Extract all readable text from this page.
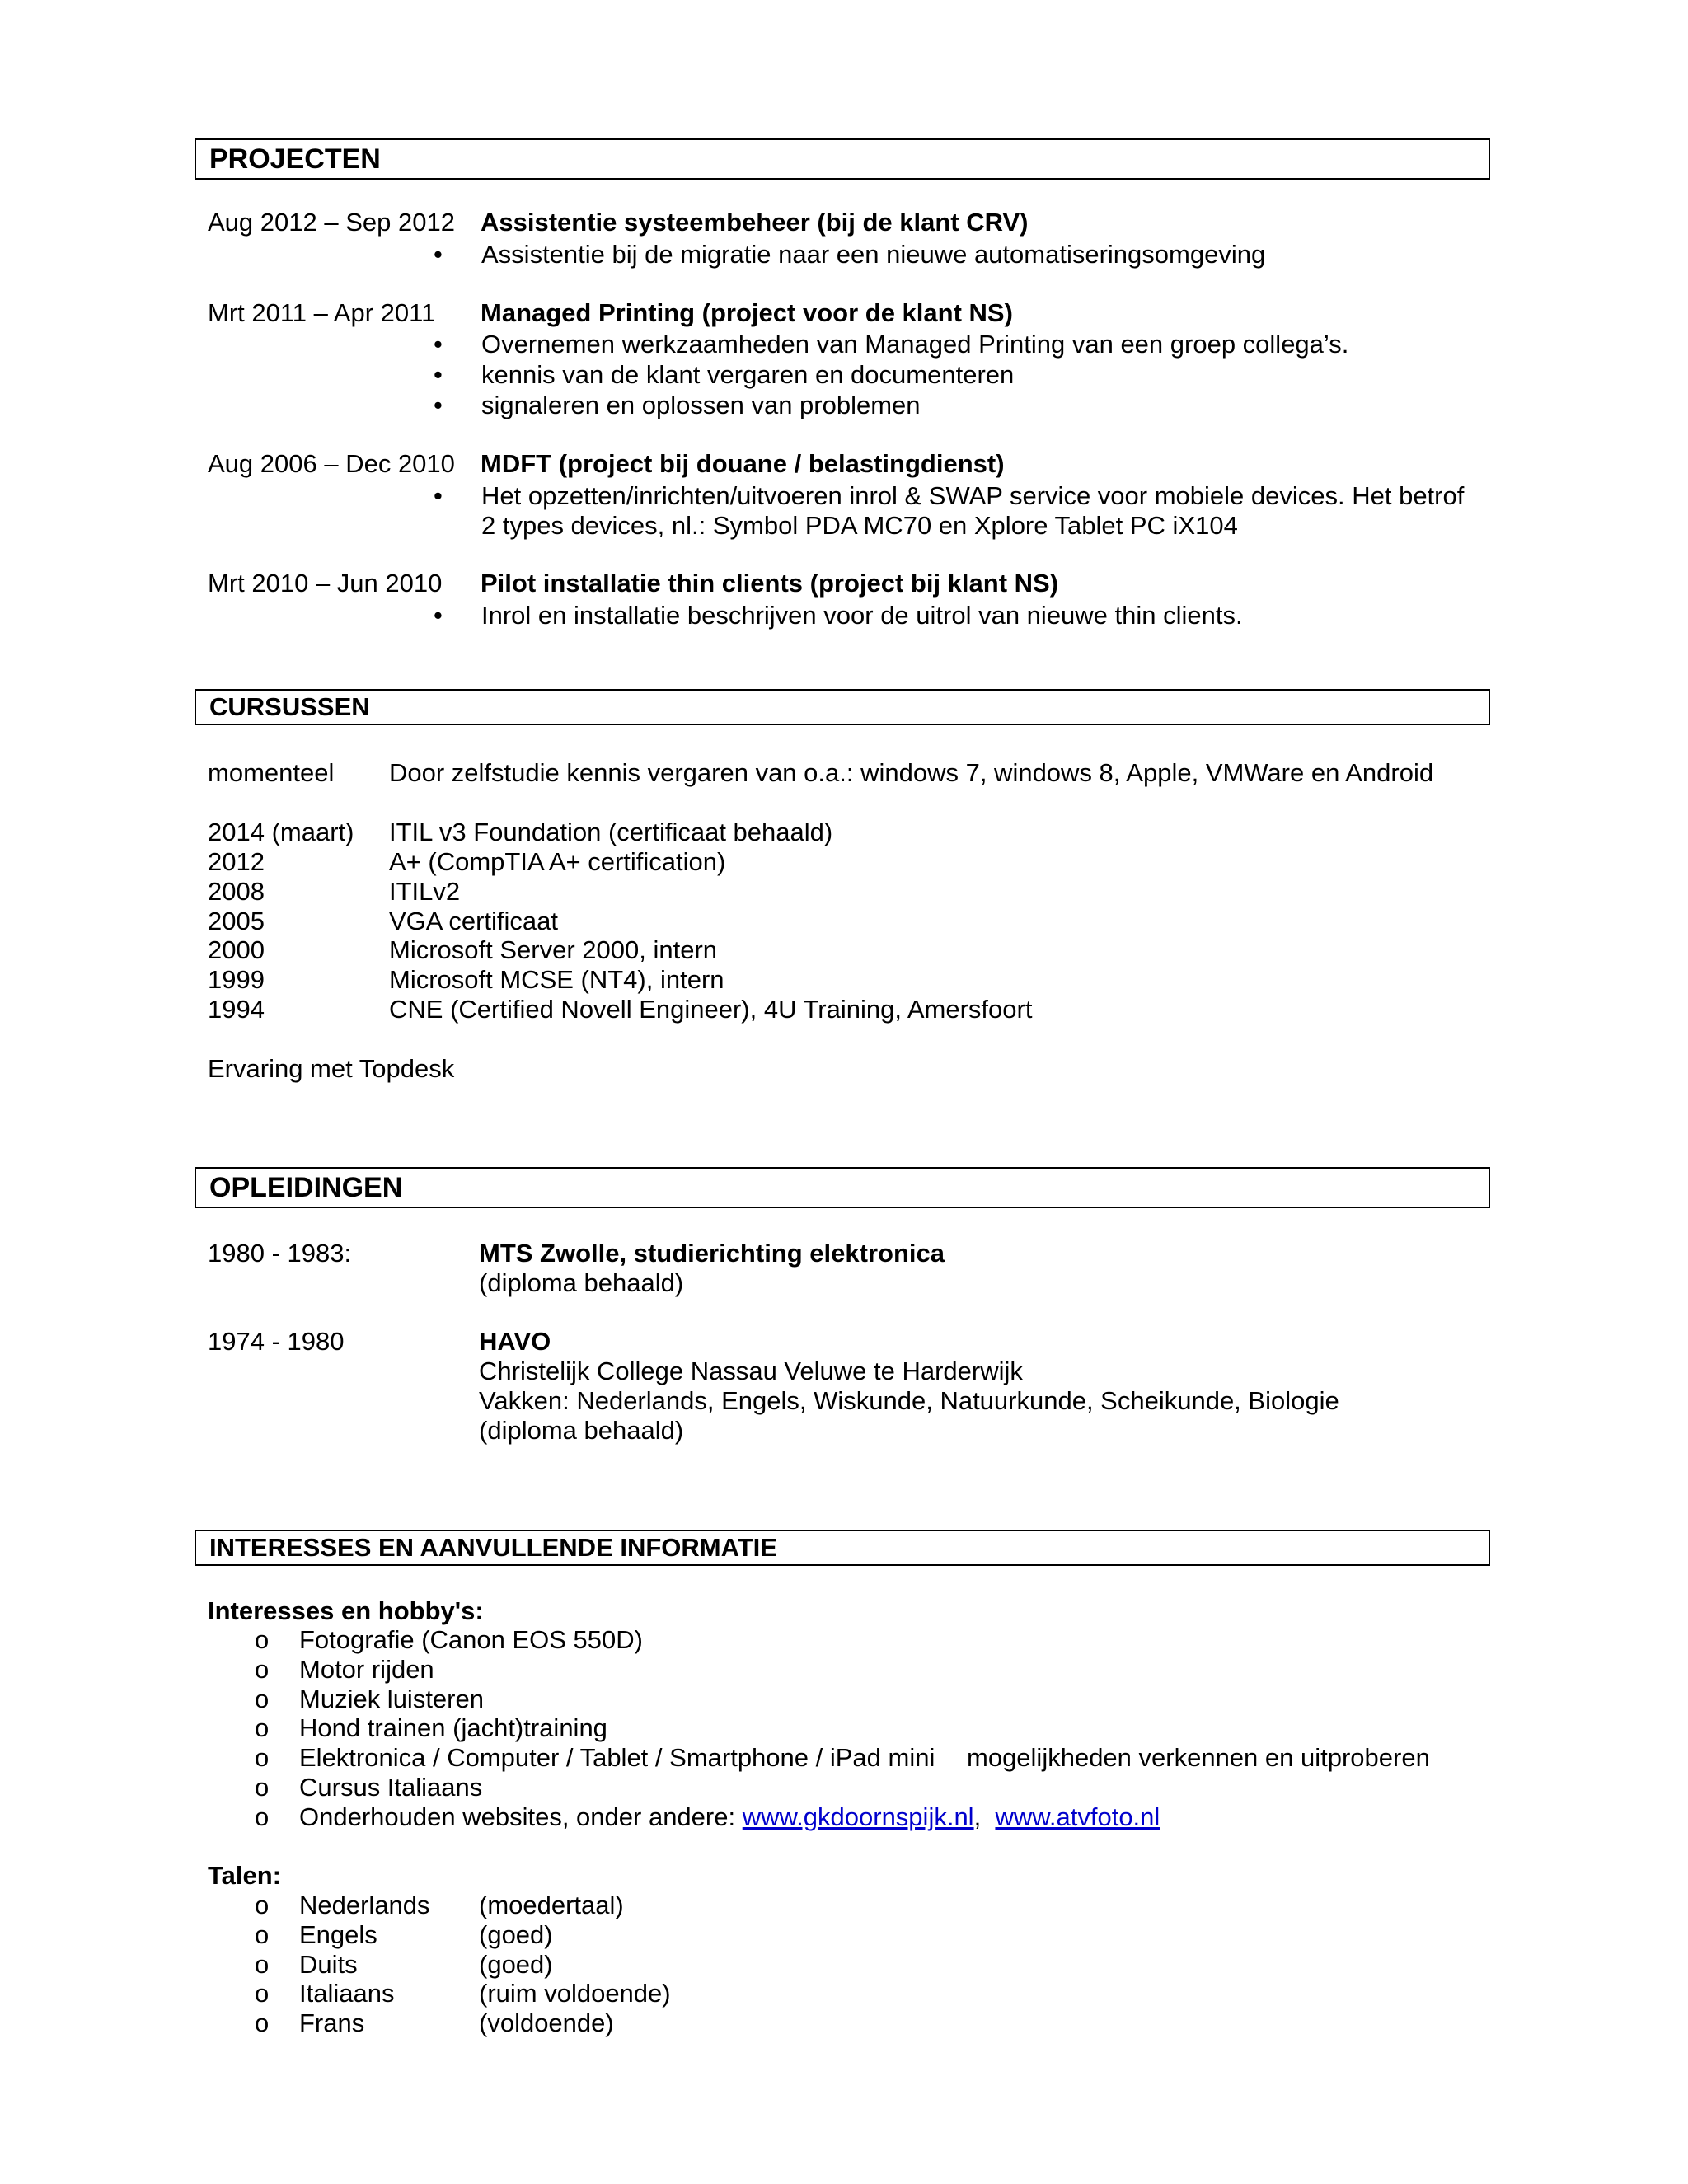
PROJECTEN
Aug 2012 – Sep 2012 Assistentie systeembeheer (bij de klant CRV)
• Assistentie bij de migratie naar een nieuwe automatiseringsomgeving
Mrt 2011 – Apr 2011 Managed Printing (project voor de klant NS)
• Overnemen werkzaamheden van Managed Printing van een groep collega’s.
• kennis van de klant vergaren en documenteren
• signaleren en oplossen van problemen
Aug 2006 – Dec 2010 MDFT (project bij douane / belastingdienst)
• Het opzetten/inrichten/uitvoeren inrol & SWAP service voor mobiele devices. Het betrof 2 types devices, nl.: Symbol PDA MC70 en Xplore Tablet PC iX104
Mrt 2010 – Jun 2010 Pilot installatie thin clients (project bij klant NS)
• Inrol en installatie beschrijven voor de uitrol van nieuwe thin clients.
CURSUSSEN
momenteel Door zelfstudie kennis vergaren van o.a.: windows 7, windows 8, Apple, VMWare en Android
2014 (maart) ITIL v3 Foundation (certificaat behaald)
2012	A+ (CompTIA A+ certification)
2008	ITILv2
2005	VGA certificaat
2000	Microsoft Server 2000, intern
1999	Microsoft MCSE (NT4), intern
1994	CNE (Certified Novell Engineer), 4U Training, Amersfoort
Ervaring met Topdesk
OPLEIDINGEN
1980 - 1983:	MTS Zwolle, studierichting elektronica
(diploma behaald)
1974 - 1980	HAVO
Christelijk College Nassau Veluwe te Harderwijk
Vakken: Nederlands, Engels, Wiskunde, Natuurkunde, Scheikunde, Biologie
(diploma behaald)
INTERESSES EN AANVULLENDE INFORMATIE
Interesses en hobby's:
o Fotografie (Canon EOS 550D)
o Motor rijden
o Muziek luisteren
o Hond trainen (jacht)training
o Elektronica / Computer / Tablet / Smartphone / iPad mini mogelijkheden verkennen en uitproberen
o Cursus Italiaans
o Onderhouden websites, onder andere: www.gkdoornspijk.nl, www.atvfoto.nl
Talen:
o Nederlands (moedertaal)
o Engels	(goed)
o Duits	(goed)
o Italiaans	(ruim voldoende)
o Frans	(voldoende)
